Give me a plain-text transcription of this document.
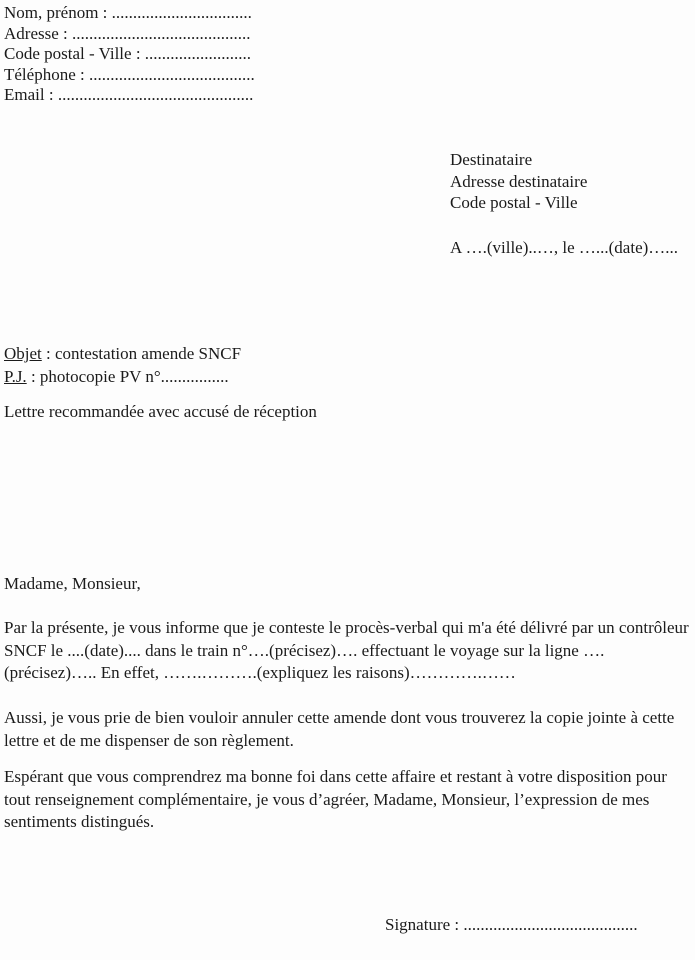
Nom, prénom : .................................
Adresse : ..........................................
Code postal - Ville : .........................
Téléphone : .......................................
Email : ..............................................
Destinataire
Adresse destinataire
Code postal - Ville
A ….(ville)..…, le …...(date)…...
Objet : contestation amende SNCF
P.J. : photocopie PV n°................
Lettre recommandée avec accusé de réception
Madame, Monsieur,

Par la présente, je vous informe que je conteste le procès-verbal qui m'a été délivré par un contrôleur SNCF le ....(date).... dans le train n°….(précisez)…. effectuant le voyage sur la ligne ….(précisez)….. En effet, …….……….(expliquez les raisons)………….……

Aussi, je vous prie de bien vouloir annuler cette amende dont vous trouverez la copie jointe à cette lettre et de me dispenser de son règlement.

Espérant que vous comprendrez ma bonne foi dans cette affaire et restant à votre disposition pour tout renseignement complémentaire, je vous d’agréer, Madame, Monsieur, l’expression de mes sentiments distingués.

Signature : .........................................
